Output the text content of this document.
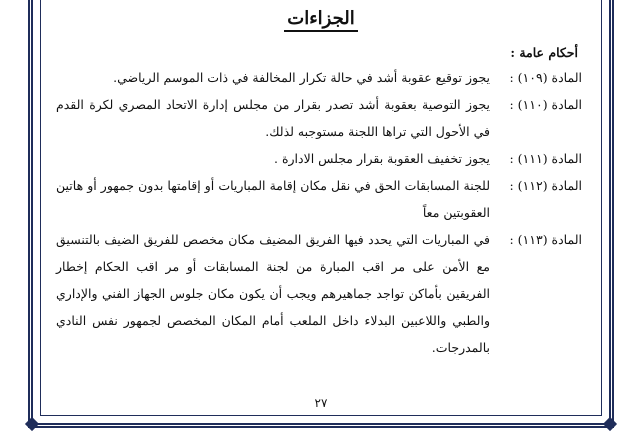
الجزاءات
أحكام عامة :
المادة (١٠٩) :
يجوز توقيع عقوبة أشد في حالة تكرار المخالفة في ذات الموسم الرياضي.
المادة (١١٠) :
يجوز التوصية بعقوبة أشد تصدر بقرار من مجلس إدارة الاتحاد المصري لكرة القدم في الأحول التي تراها اللجنة مستوجبه لذلك.
المادة (١١١) :
يجوز تخفيف العقوبة بقرار مجلس الادارة .
المادة (١١٢) :
للجنة المسابقات الحق في نقل مكان إقامة المباريات أو إقامتها بدون جمهور أو هاتين العقوبتين معاً
المادة (١١٣) :
في المباريات التي يحدد فيها الفريق المضيف مكان مخصص للفريق الضيف بالتنسيق مع الأمن على مر اقب المبارة من لجنة المسابقات أو مر اقب الحكام إخطار الفريقين بأماكن تواجد جماهيرهم ويجب أن يكون مكان جلوس الجهاز الفني والإداري والطبي واللاعبين البدلاء داخل الملعب أمام المكان المخصص لجمهور نفس النادي بالمدرجات.
٢٧
